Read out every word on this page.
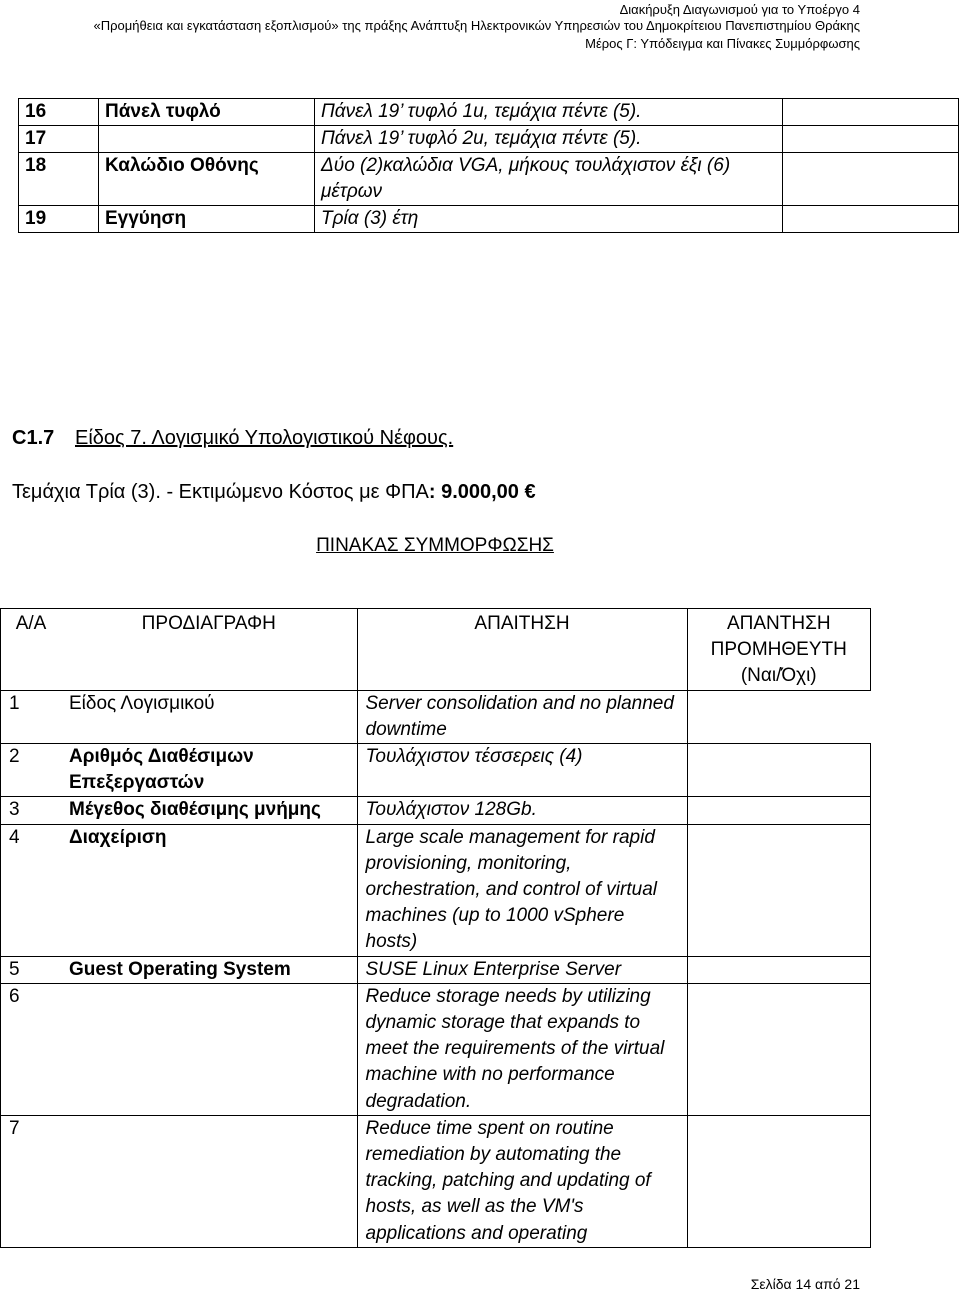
Διακήρυξη Διαγωνισμού για το Υποέργο 4
«Προμήθεια και εγκατάσταση εξοπλισμού» της πράξης Ανάπτυξη Ηλεκτρονικών Υπηρεσιών του Δημοκρίτειου Πανεπιστημίου Θράκης
Μέρος Γ: Υπόδειγμα και Πίνακες Συμμόρφωσης
16	Πάνελ τυφλό	Πάνελ 19’ τυφλό 1u, τεμάχια πέντε (5).	
17		Πάνελ 19’ τυφλό 2u, τεμάχια πέντε (5).	
18	Καλώδιο Οθόνης	Δύο (2)καλώδια VGA, μήκους τουλάχιστον έξι (6) μέτρων	
19	Εγγύηση	Τρία (3) έτη	
C1.7 Είδος 7. Λογισμικό Υπολογιστικού Νέφους.
Τεμάχια Τρία (3). - Εκτιμώμενο Κόστος με ΦΠΑ: 9.000,00 €
ΠΙΝΑΚΑΣ ΣΥΜΜΟΡΦΩΣΗΣ
Α/Α	ΠΡΟΔΙΑΓΡΑΦΗ	ΑΠΑΙΤΗΣΗ	ΑΠΑΝΤΗΣΗ ΠΡΟΜΗΘΕΥΤΗ (Ναι/Όχι)
1	Είδος Λογισμικού	Server consolidation and no planned downtime	
2	Αριθμός Διαθέσιμων Επεξεργαστών	Τουλάχιστον τέσσερεις (4)	
3	Μέγεθος διαθέσιμης μνήμης	Τουλάχιστον 128Gb.	
4	Διαχείριση	Large scale management for rapid provisioning, monitoring, orchestration, and control of virtual machines (up to 1000 vSphere hosts)	
5	Guest Operating System	SUSE Linux Enterprise Server	
6		Reduce storage needs by utilizing dynamic storage that expands to meet the requirements of the virtual machine with no performance degradation.	
7		Reduce time spent on routine remediation by automating the tracking, patching and updating of hosts, as well as the VM's applications and operating	
Σελίδα 14 από 21
